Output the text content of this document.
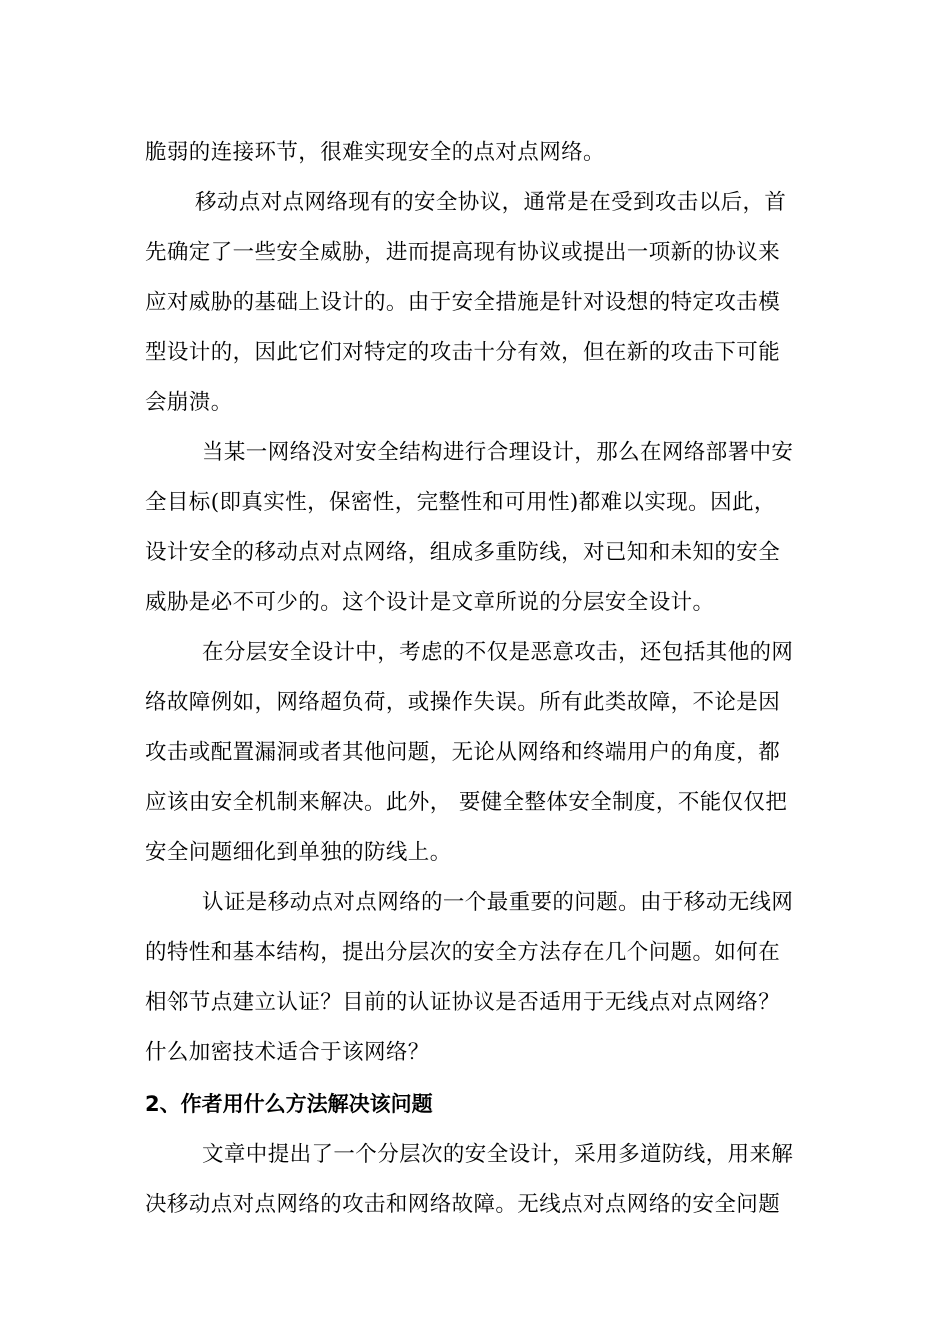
脆弱的连接环节，很难实现安全的点对点网络。
移动点对点网络现有的安全协议，通常是在受到攻击以后，首
先确定了一些安全威胁，进而提高现有协议或提出一项新的协议来
应对威胁的基础上设计的。由于安全措施是针对设想的特定攻击模
型设计的，因此它们对特定的攻击十分有效，但在新的攻击下可能
会崩溃。
当某一网络没对安全结构进行合理设计，那么在网络部署中安
全目标(即真实性，保密性，完整性和可用性)都难以实现。因此，
设计安全的移动点对点网络，组成多重防线，对已知和未知的安全
威胁是必不可少的。这个设计是文章所说的分层安全设计。
在分层安全设计中，考虑的不仅是恶意攻击，还包括其他的网
络故障例如，网络超负荷，或操作失误。所有此类故障，不论是因
攻击或配置漏洞或者其他问题，无论从网络和终端用户的角度，都
应该由安全机制来解决。此外， 要健全整体安全制度，不能仅仅把
安全问题细化到单独的防线上。
认证是移动点对点网络的一个最重要的问题。由于移动无线网
的特性和基本结构，提出分层次的安全方法存在几个问题。如何在
相邻节点建立认证？目前的认证协议是否适用于无线点对点网络？
什么加密技术适合于该网络？
2、作者用什么方法解决该问题
文章中提出了一个分层次的安全设计，采用多道防线，用来解
决移动点对点网络的攻击和网络故障。无线点对点网络的安全问题
